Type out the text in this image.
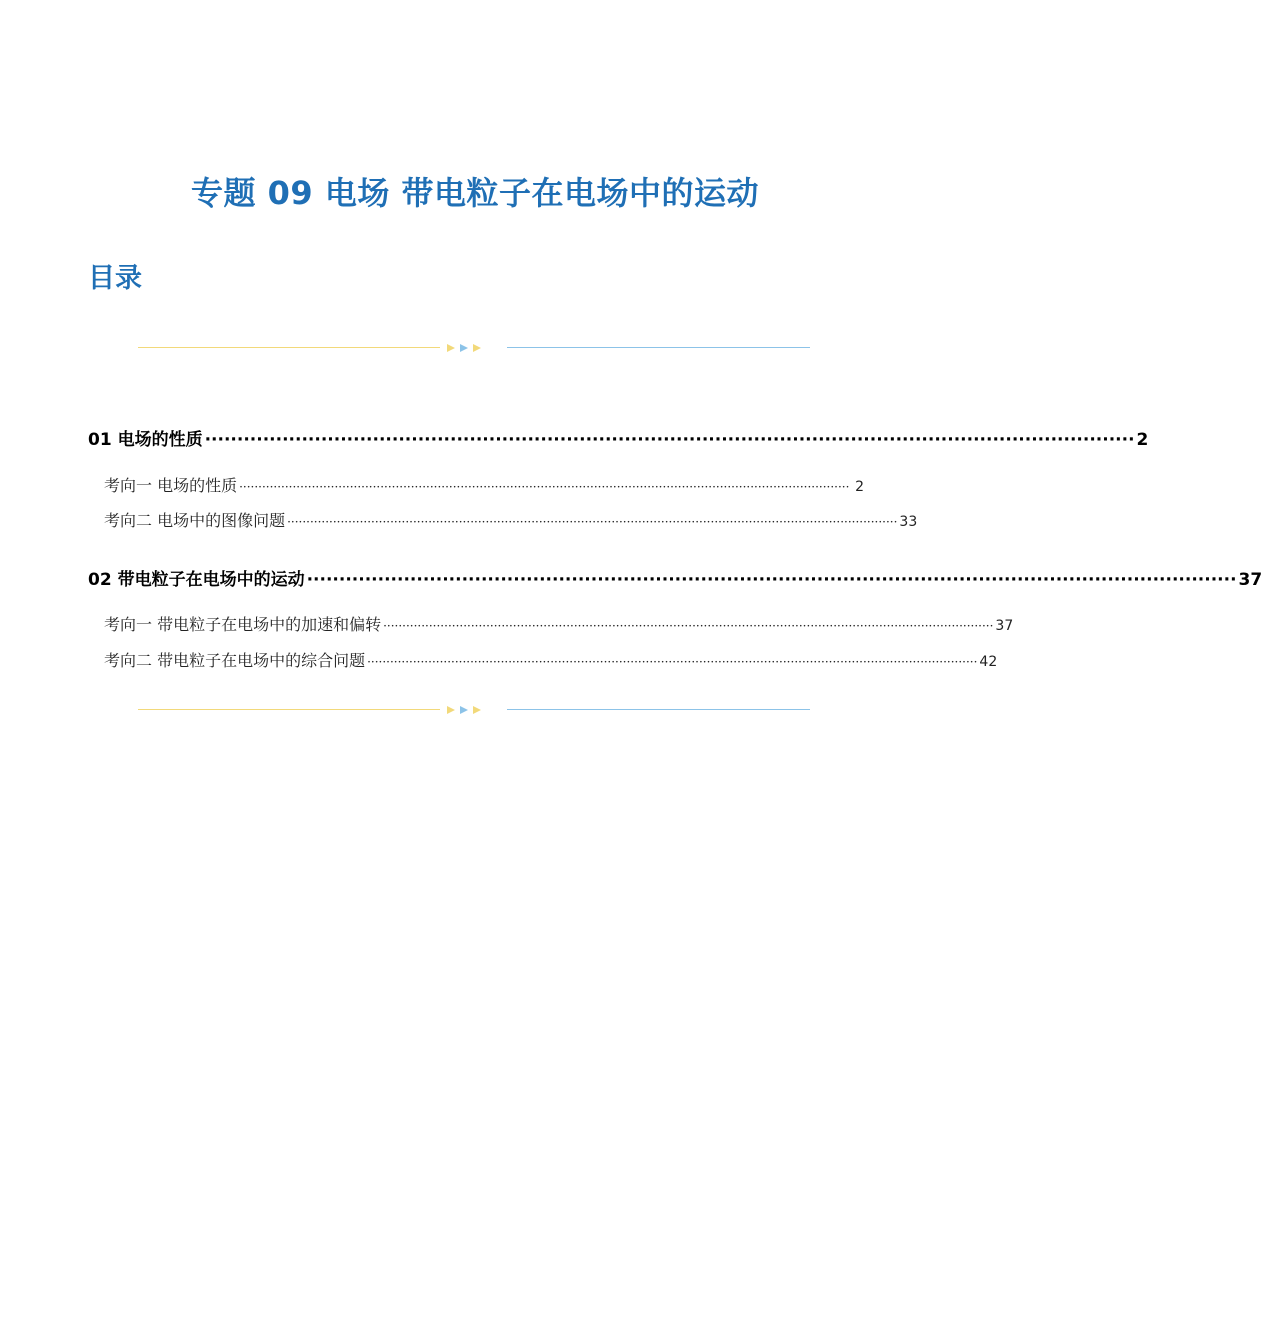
专题 09 电场 带电粒子在电场中的运动
目录
01 电场的性质 ················································································································································ 2
考向一 电场的性质 ································································································································································ 2
考向二 电场中的图像问题 ································································································································································ 33
02 带电粒子在电场中的运动 ················································································································································ 37
考向一 带电粒子在电场中的加速和偏转 ································································································································································ 37
考向二 带电粒子在电场中的综合问题 ································································································································································ 42
